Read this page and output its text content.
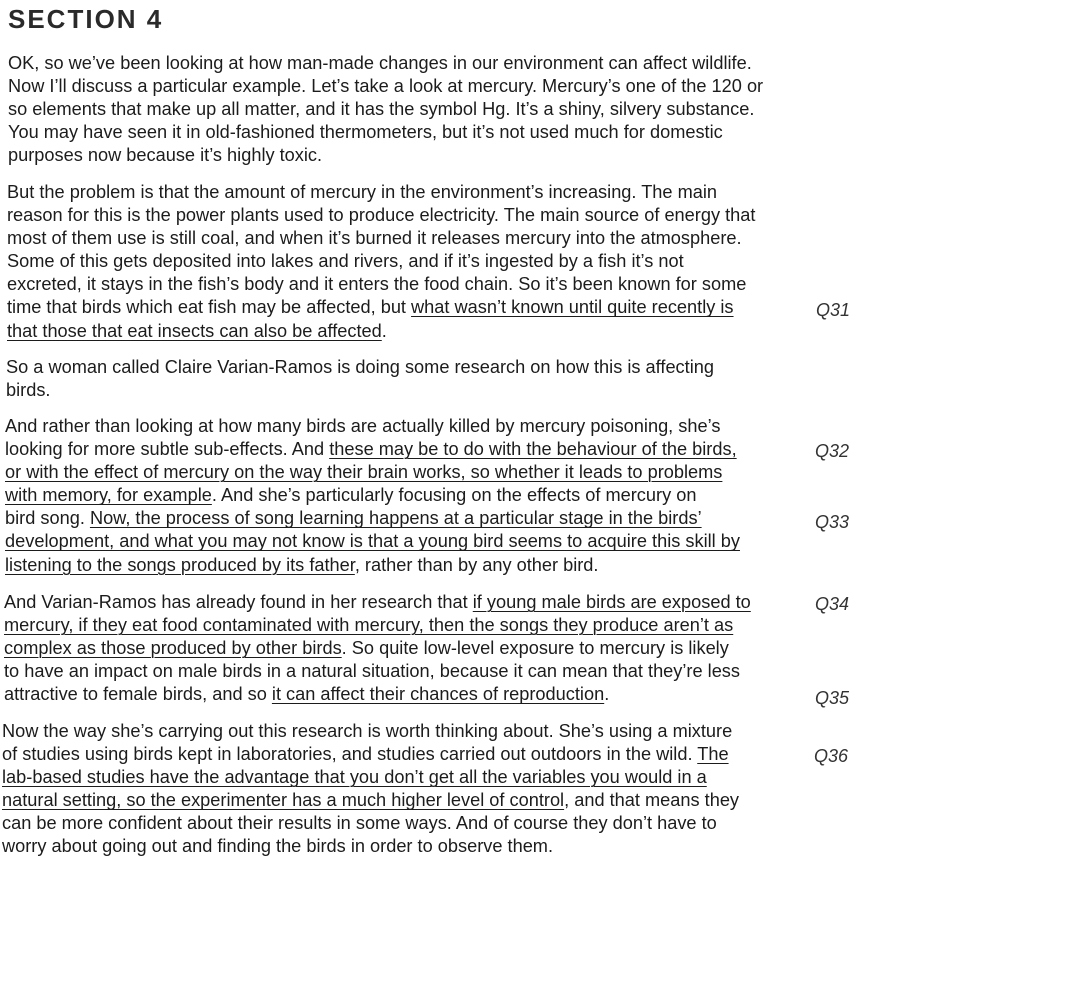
SECTION 4
OK, so we’ve been looking at how man-made changes in our environment can affect wildlife.
Now I’ll discuss a particular example. Let’s take a look at mercury. Mercury’s one of the 120 or
so elements that make up all matter, and it has the symbol Hg. It’s a shiny, silvery substance.
You may have seen it in old-fashioned thermometers, but it’s not used much for domestic
purposes now because it’s highly toxic.
But the problem is that the amount of mercury in the environment’s increasing. The main
reason for this is the power plants used to produce electricity. The main source of energy that
most of them use is still coal, and when it’s burned it releases mercury into the atmosphere.
Some of this gets deposited into lakes and rivers, and if it’s ingested by a fish it’s not
excreted, it stays in the fish’s body and it enters the food chain. So it’s been known for some
time that birds which eat fish may be affected, but what wasn’t known until quite recently is
that those that eat insects can also be affected.
So a woman called Claire Varian-Ramos is doing some research on how this is affecting
birds.
And rather than looking at how many birds are actually killed by mercury poisoning, she’s
looking for more subtle sub-effects. And these may be to do with the behaviour of the birds,
or with the effect of mercury on the way their brain works, so whether it leads to problems
with memory, for example. And she’s particularly focusing on the effects of mercury on
bird song. Now, the process of song learning happens at a particular stage in the birds’
development, and what you may not know is that a young bird seems to acquire this skill by
listening to the songs produced by its father, rather than by any other bird.
And Varian-Ramos has already found in her research that if young male birds are exposed to
mercury, if they eat food contaminated with mercury, then the songs they produce aren’t as
complex as those produced by other birds. So quite low-level exposure to mercury is likely
to have an impact on male birds in a natural situation, because it can mean that they’re less
attractive to female birds, and so it can affect their chances of reproduction.
Now the way she’s carrying out this research is worth thinking about. She’s using a mixture
of studies using birds kept in laboratories, and studies carried out outdoors in the wild. The
lab-based studies have the advantage that you don’t get all the variables you would in a
natural setting, so the experimenter has a much higher level of control, and that means they
can be more confident about their results in some ways. And of course they don’t have to
worry about going out and finding the birds in order to observe them.
Q31
Q32
Q33
Q34
Q35
Q36
